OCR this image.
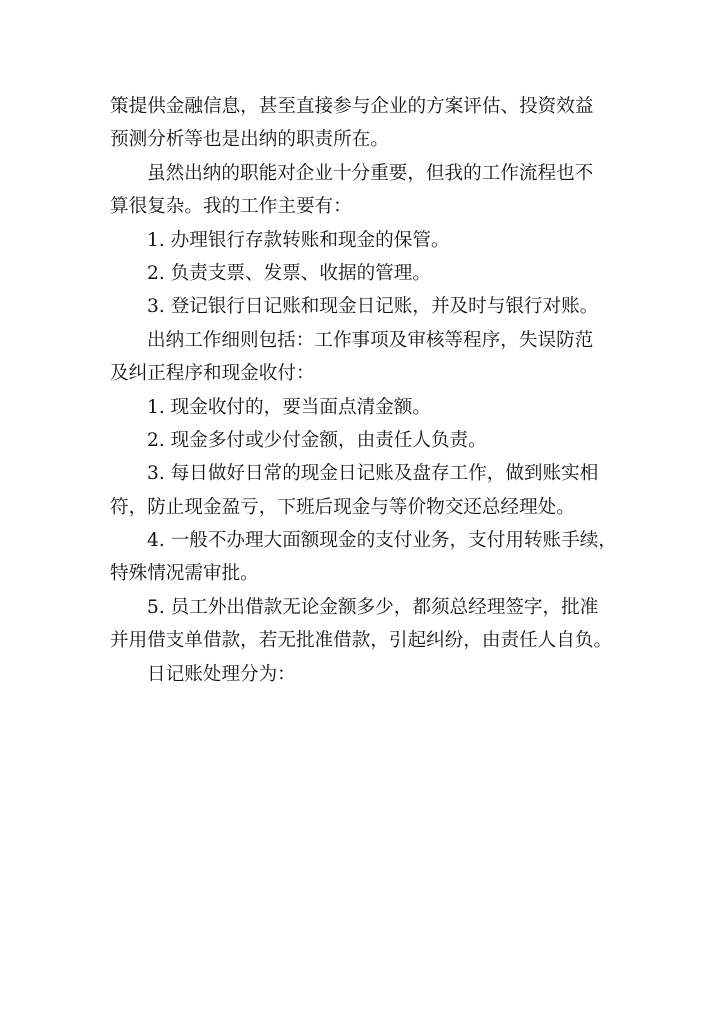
策提供金融信息，甚至直接参与企业的方案评估、投资效益
预测分析等也是出纳的职责所在。
虽然出纳的职能对企业十分重要，但我的工作流程也不
算很复杂。我的工作主要有：
1. 办理银行存款转账和现金的保管。
2. 负责支票、发票、收据的管理。
3. 登记银行日记账和现金日记账，并及时与银行对账。
出纳工作细则包括：工作事项及审核等程序，失误防范
及纠正程序和现金收付：
1. 现金收付的，要当面点清金额。
2. 现金多付或少付金额，由责任人负责。
3. 每日做好日常的现金日记账及盘存工作，做到账实相
符，防止现金盈亏，下班后现金与等价物交还总经理处。
4. 一般不办理大面额现金的支付业务，支付用转账手续，
特殊情况需审批。
5. 员工外出借款无论金额多少，都须总经理签字，批准
并用借支单借款，若无批准借款，引起纠纷，由责任人自负。
日记账处理分为：
